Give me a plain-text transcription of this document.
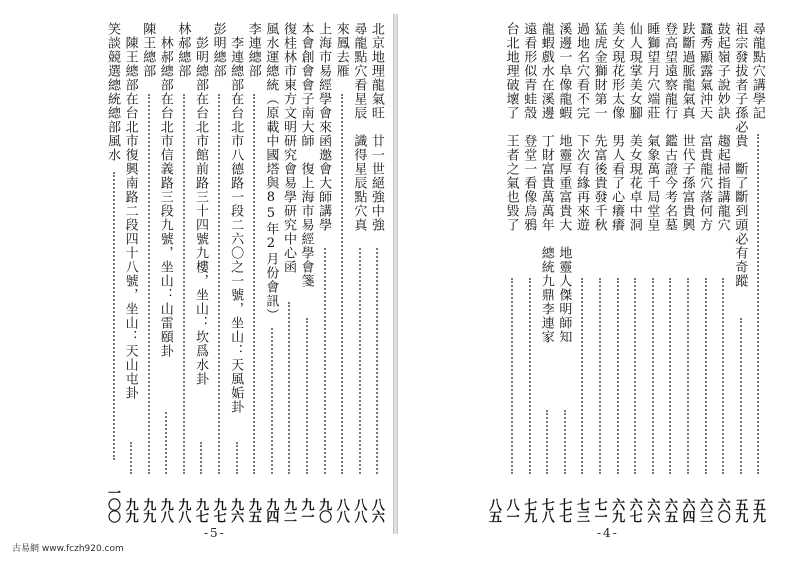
北京地理龍氣旺　廿一世絕強中強
八六
尋龍點穴看星辰　識得星辰點穴真
八八
來鳳去雁
八八
上海市易經學會來函邀會大師講學
九〇
本會創會會子南大師　復上海市易經學會箋
九一
復桂林市東方文明研究會易學研究中心函
九二
風水運總統（原載中國塔與85年2月份會訊）
九四
李連總部
九五
李連總部在台北市八德路一段二六〇之一號，坐山：天風姤卦
九六
彭明總部
九七
彭明總部在台北市館前路三十四號九樓，坐山：坎爲水卦
九七
林郝總部
九八
林郝總部在台北市信義路三段九號，坐山：山雷頤卦
九八
陳王總部
九九
陳王總部在台北市復興南路二段四十八號，坐山：天山屯卦
九九
笑談競選總統總部風水
一〇〇
-5-
尋龍點穴講學記
五九
祖宗發拔者子孫必貴　斷了斷到頭必有奇蹤
五九
鼓起嶺子說妙訣　趨起掃指講龍穴
六〇
蠶秀顯露氣沖天　富貴龍穴落何方
六三
趺斷過脈龍氣真　世代子孫富貴興
六四
登高望遠察龍行　鑑古證今考名墓
六五
睡獅望月穴端莊　氣象萬千局堂皇
六六
仙人現掌美女腳　美女現花卓中洞
六七
美女現花形太像　男人看了心癢癢
六九
猛虎金獅財第一　先富後貴發千秋
七一
過地名穴看不完　下次有緣再來遊
七三
溪邊一阜像龍蝦　地靈厚重富貴大　地靈人傑明師知
七七
龍蝦戲水在溪邊　丁財富貴萬萬年　總統九鼎李連家
七八
遠看形似青蛙殼　登堂一看像烏鴉
七九
台北地理破壞了　王者之氣也毀了
八一
八五
-4-
古易網 www.fczh920.com
